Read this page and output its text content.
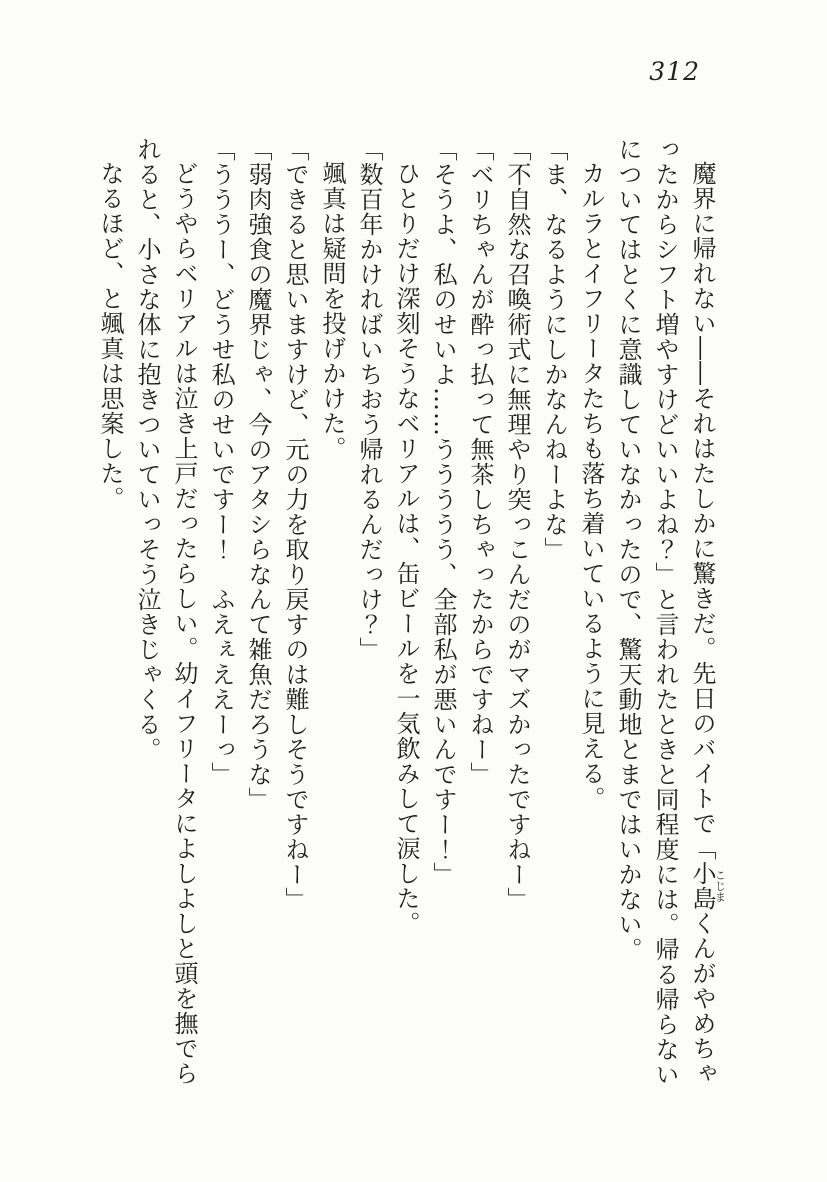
312

魔界に帰れない――それはたしかに驚きだ。先日のバイトで「小島こじまくんがやめちゃったからシフト増やすけどいいよね？」と言われたときと同程度には。帰る帰らないについてはとくに意識していなかったので、驚天動地とまではいかない。

カルラとイフリータたちも落ち着いているように見える。

「ま、なるようにしかなんねーよな」

「不自然な召喚術式に無理やり突っこんだのがマズかったですねー」

「ベリちゃんが酔っ払って無茶しちゃったからですねー」

「そうよ、私のせいよ……ううううう、全部私が悪いんですー！」

ひとりだけ深刻そうなベリアルは、缶ビールを一気飲みして涙した。

「数百年かければいちおう帰れるんだっけ？」

颯真は疑問を投げかけた。

「できると思いますけど、元の力を取り戻すのは難しそうですねー」

「弱肉強食の魔界じゃ、今のアタシらなんて雑魚だろうな」

「うううー、どうせ私のせいですー！　ふえぇええーっ」

どうやらベリアルは泣き上戸だったらしい。幼イフリータによしよしと頭を撫でられると、小さな体に抱きついていっそう泣きじゃくる。

なるほど、と颯真は思案した。
